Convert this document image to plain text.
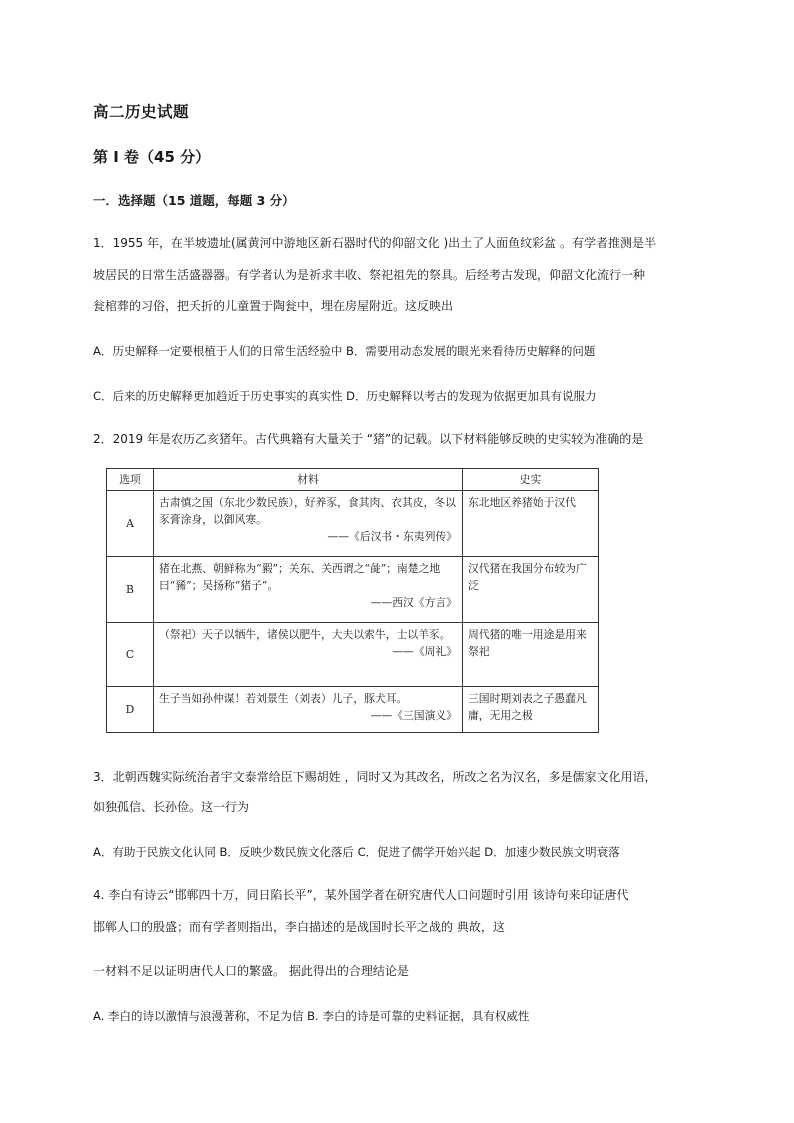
高二历史试题
第 I 卷（45 分）
一．选择题（15 道题，每题 3 分）
1．1955 年，在半坡遗址(属黄河中游地区新石器时代的仰韶文化 )出土了人面鱼纹彩盆 。有学者推测是半
坡居民的日常生活盛器器。有学者认为是祈求丰收、祭祀祖先的祭具。后经考古发现，仰韶文化流行一种
瓮棺葬的习俗，把夭折的儿童置于陶瓮中，埋在房屋附近。这反映出
A．历史解释一定要根植于人们的日常生活经验中 B．需要用动态发展的眼光来看待历史解释的问题
C．后来的历史解释更加趋近于历史事实的真实性 D．历史解释以考古的发现为依据更加具有说服力
2．2019 年是农历乙亥猪年。古代典籍有大量关于 “猪”的记载。以下材料能够反映的史实较为准确的是
选项	材料	史实
A	古肃慎之国（东北少数民族），好养豕，食其肉、衣其皮，冬以豕膏涂身，以御风寒。
——《后汉书・东夷列传》	东北地区养猪始于汉代
B	猪在北燕、朝鲜称为“豭”；关东、关西谓之“彘”；南楚之地曰“豨”；吴扬称“猪子”。
——西汉《方言》	汉代猪在我国分布较为广泛
C	（祭祀）天子以牺牛，诸侯以肥牛，大夫以索牛，士以羊豕。
——《周礼》	周代猪的唯一用途是用来祭祀
D	生子当如孙仲谋！若刘景生（刘表）儿子，豚犬耳。
——《三国演义》	三国时期刘表之子愚蠢凡庸，无用之极
3．北朝西魏实际统治者宇文泰常给臣下赐胡姓 ，同时又为其改名，所改之名为汉名，多是儒家文化用语，
如独孤信、长孙俭。这一行为
A．有助于民族文化认同 B．反映少数民族文化落后 C．促进了儒学开始兴起 D．加速少数民族文明衰落
4. 李白有诗云“邯郸四十万，同日陷长平”，某外国学者在研究唐代人口问题时引用 该诗句来印证唐代
邯郸人口的殷盛；而有学者则指出，李白描述的是战国时长平之战的 典故，这
一材料不足以证明唐代人口的繁盛。 据此得出的合理结论是
A. 李白的诗以激情与浪漫著称，不足为信 B. 李白的诗是可靠的史料证据，具有权威性
